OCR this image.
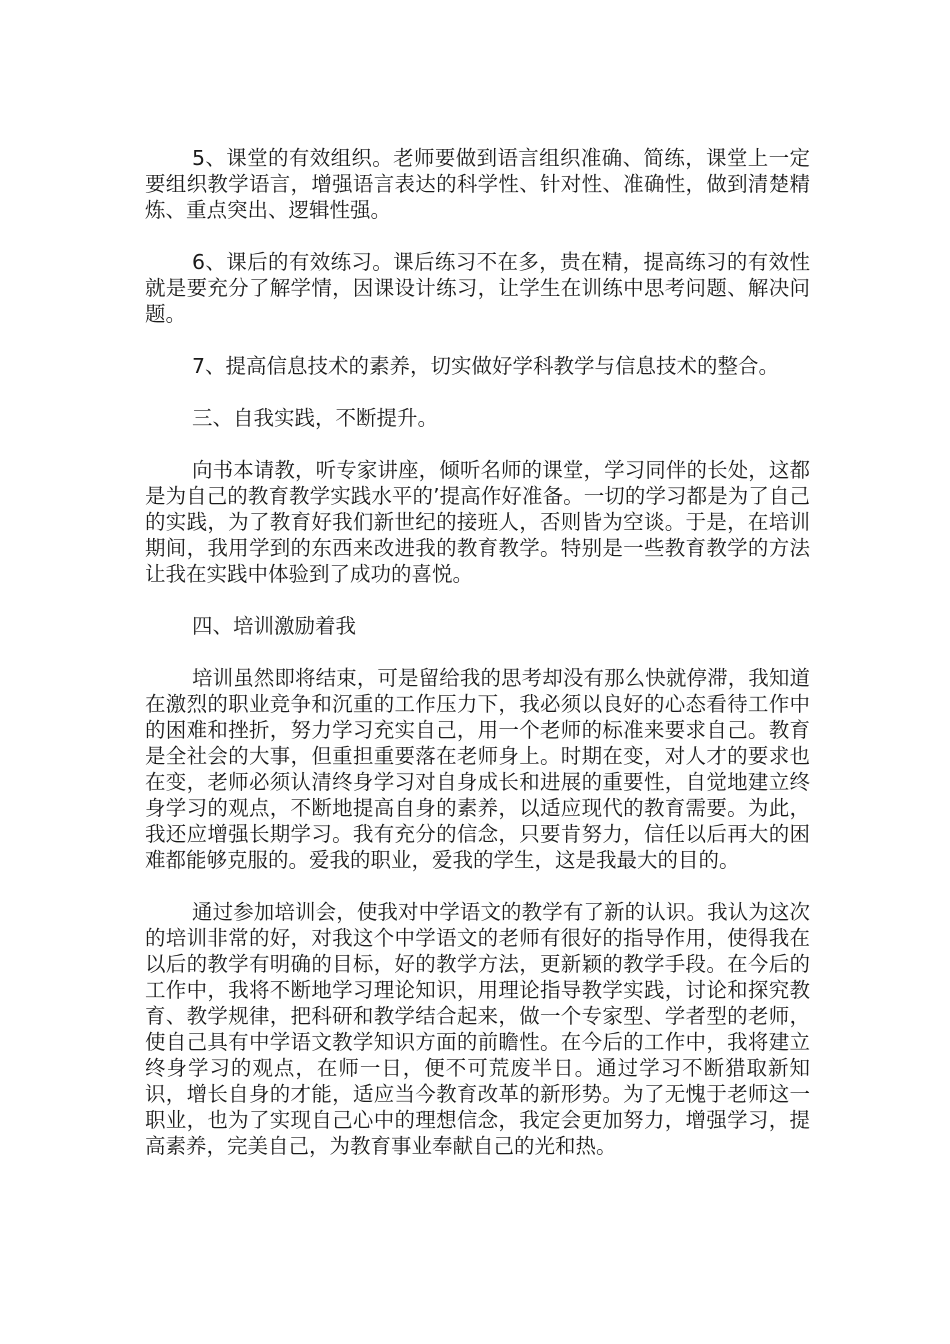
5、课堂的有效组织。老师要做到语言组织准确、简练，课堂上一定要组织教学语言，增强语言表达的科学性、针对性、准确性，做到清楚精炼、重点突出、逻辑性强。

6、课后的有效练习。课后练习不在多，贵在精，提高练习的有效性就是要充分了解学情，因课设计练习，让学生在训练中思考问题、解决问题。

7、提高信息技术的素养，切实做好学科教学与信息技术的整合。

三、自我实践，不断提升。

向书本请教，听专家讲座，倾听名师的课堂，学习同伴的长处，这都是为自己的教育教学实践水平的’提高作好准备。一切的学习都是为了自己的实践，为了教育好我们新世纪的接班人，否则皆为空谈。于是，在培训期间，我用学到的东西来改进我的教育教学。特别是一些教育教学的方法让我在实践中体验到了成功的喜悦。

四、培训激励着我

培训虽然即将结束，可是留给我的思考却没有那么快就停滞，我知道在激烈的职业竞争和沉重的工作压力下，我必须以良好的心态看待工作中的困难和挫折，努力学习充实自己，用一个老师的标准来要求自己。教育是全社会的大事，但重担重要落在老师身上。时期在变，对人才的要求也在变，老师必须认清终身学习对自身成长和进展的重要性，自觉地建立终身学习的观点，不断地提高自身的素养，以适应现代的教育需要。为此，我还应增强长期学习。我有充分的信念，只要肯努力，信任以后再大的困难都能够克服的。爱我的职业，爱我的学生，这是我最大的目的。

通过参加培训会，使我对中学语文的教学有了新的认识。我认为这次的培训非常的好，对我这个中学语文的老师有很好的指导作用，使得我在以后的教学有明确的目标，好的教学方法，更新颖的教学手段。在今后的工作中，我将不断地学习理论知识，用理论指导教学实践，讨论和探究教育、教学规律，把科研和教学结合起来，做一个专家型、学者型的老师，使自己具有中学语文教学知识方面的前瞻性。在今后的工作中，我将建立终身学习的观点，在师一日，便不可荒废半日。通过学习不断猎取新知识，增长自身的才能，适应当今教育改革的新形势。为了无愧于老师这一职业，也为了实现自己心中的理想信念，我定会更加努力，增强学习，提高素养，完美自己，为教育事业奉献自己的光和热。
